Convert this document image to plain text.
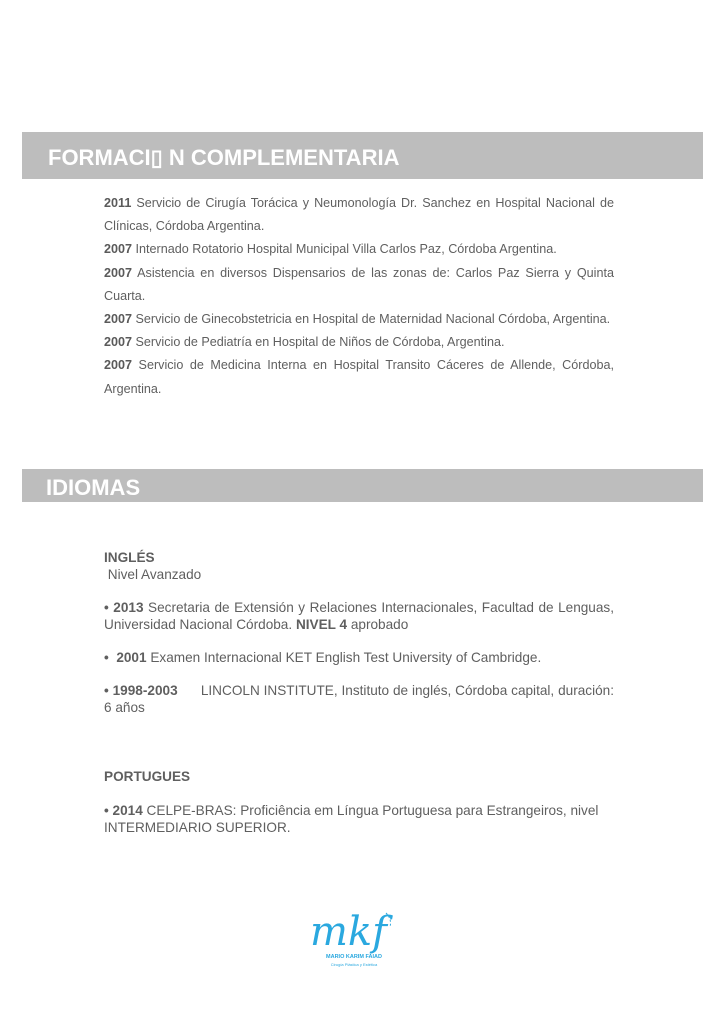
FORMACI▯ N COMPLEMENTARIA

2011 Servicio de Cirugía Torácica y Neumonología Dr. Sanchez en Hospital Nacional de Clínicas, Córdoba Argentina.

2007 Internado Rotatorio Hospital Municipal Villa Carlos Paz, Córdoba Argentina.

2007 Asistencia en diversos Dispensarios de las zonas de: Carlos Paz Sierra y Quinta Cuarta.

2007 Servicio de Ginecobstetricia en Hospital de Maternidad Nacional Córdoba, Argentina.

2007 Servicio de Pediatría en Hospital de Niños de Córdoba, Argentina.

2007 Servicio de Medicina Interna en Hospital Transito Cáceres de Allende, Córdoba, Argentina.

IDIOMAS
INGLÉS
Nivel Avanzado

• 2013 Secretaria de Extensión y Relaciones Internacionales, Facultad de Lenguas, Universidad Nacional Córdoba. NIVEL 4 aprobado

•  2001 Examen Internacional KET English Test University of Cambridge.

• 1998-2003      LINCOLN INSTITUTE, Instituto de inglés, Córdoba capital, duración: 6 años

PORTUGUES

• 2014 CELPE-BRAS: Proficiência em Língua Portuguesa para Estrangeiros, nivel INTERMEDIARIO SUPERIOR.

mkf
MARIO KARIM FAIAD
Cirugía Plástica y Estética
